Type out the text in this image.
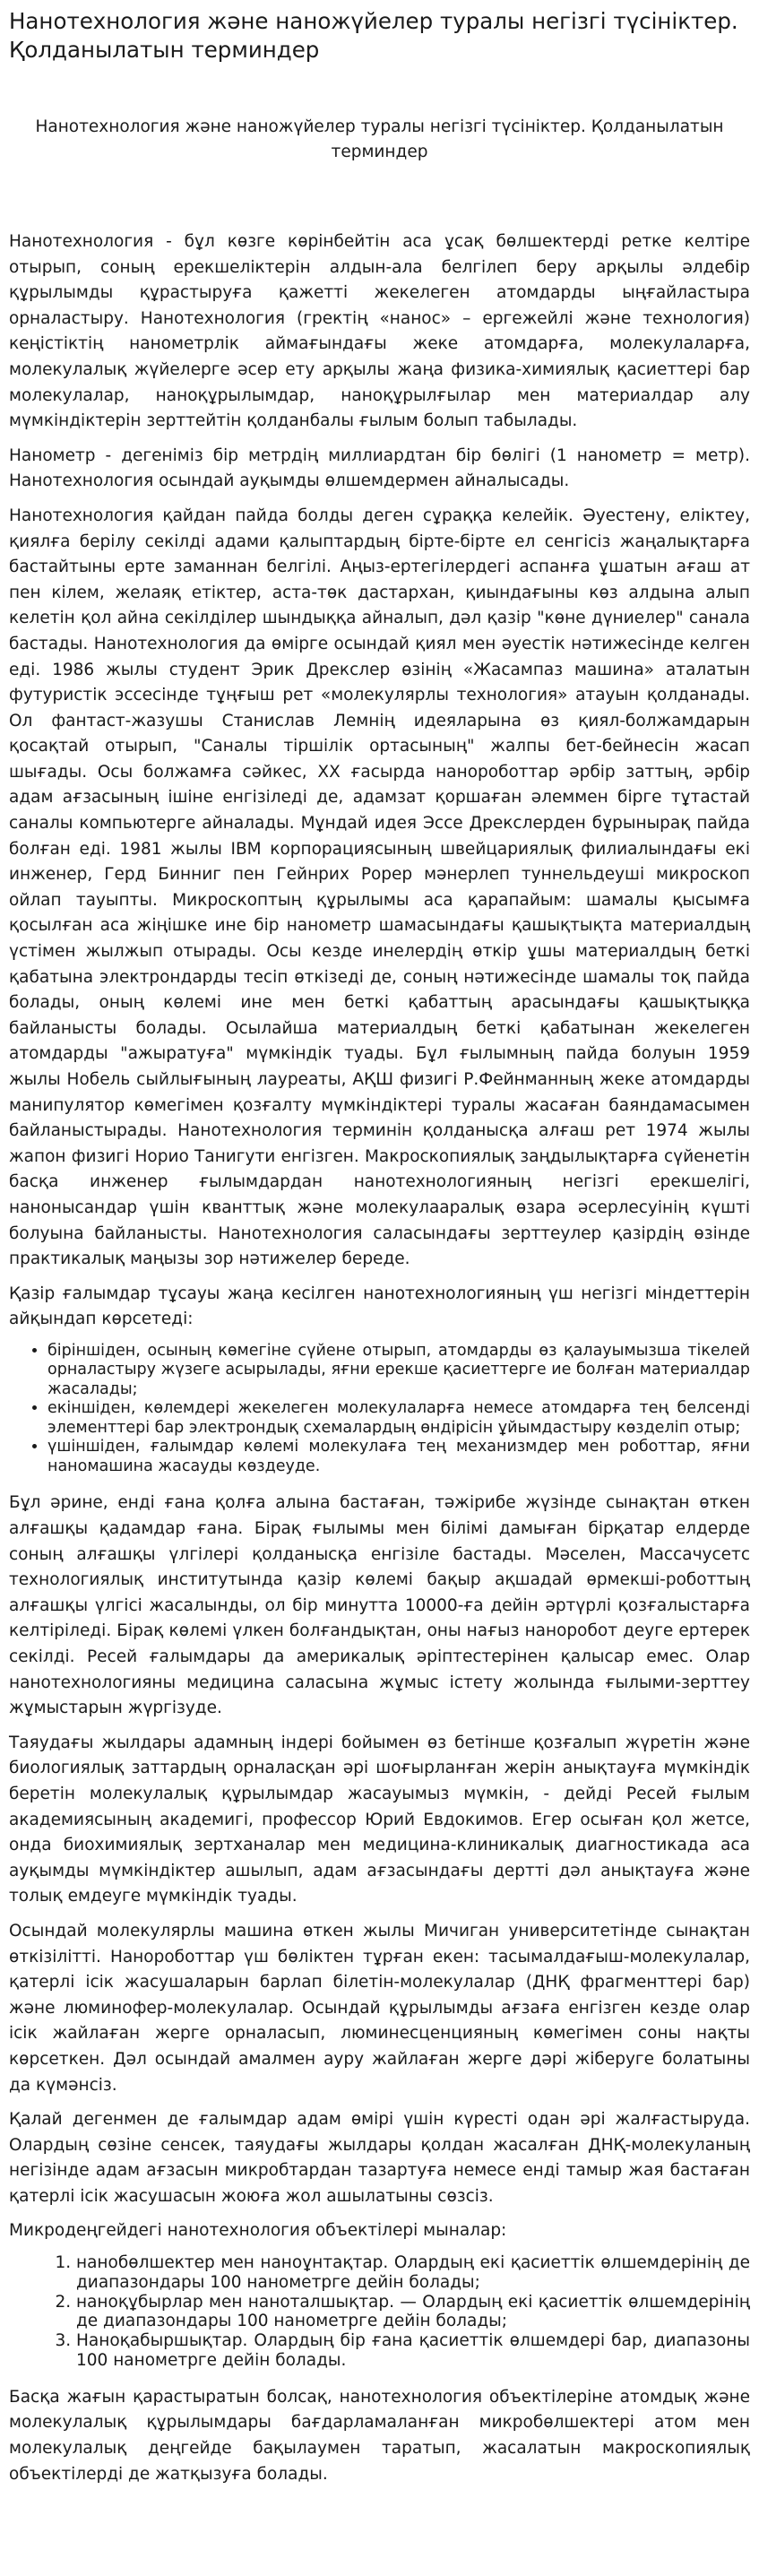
Нанотехнология және наножүйелер туралы негізгі түсініктер. Қолданылатын терминдер
Нанотехнология және наножүйелер туралы негізгі түсініктер. Қолданылатын терминдер

Нанотехнология - бұл көзге көрінбейтін аса ұсақ бөлшектерді ретке келтіре отырып, соның ерекшеліктерін алдын-ала белгілеп беру арқылы әлдебір құрылымды құрастыруға қажетті жекелеген атомдарды ыңғайластыра орналастыру. Нанотехнология (гректің «нанос» – ергежейлі және технология) кеңістіктің нанометрлік аймағындағы жеке атомдарға, молекулаларға, молекулалық жүйелерге әсер ету арқылы жаңа физика-химиялық қасиеттері бар молекулалар, наноқұрылымдар, наноқұрылғылар мен материалдар алу мүмкіндіктерін зерттейтін қолданбалы ғылым болып табылады.

Нанометр - дегеніміз бір метрдің миллиардтан бір бөлігі (1 нанометр = метр). Нанотехнология осындай ауқымды өлшемдермен айналысады.

Нанотехнология қайдан пайда болды деген сұраққа келейік. Әуестену, еліктеу, қиялға берілу секілді адами қалыптардың бірте-бірте ел сенгісіз жаңалықтарға бастайтыны ерте заманнан белгілі. Аңыз-ертегілердегі аспанға ұшатын ағаш ат пен кілем, желаяқ етіктер, аста-төк дастархан, қиындағыны көз алдына алып келетін қол айна секілділер шындыққа айналып, дәл қазір "көне дүниелер" санала бастады. Нанотехнология да өмірге осындай қиял мен әуестік нәтижесінде келген еді. 1986 жылы студент Эрик Дрекслер өзінің «Жасампаз машина» аталатын футуристік эссесінде тұңғыш рет «молекулярлы технология» атауын қолданады. Ол фантаст-жазушы Станислав Лемнің идеяларына өз қиял-болжамдарын қосақтай отырып, "Саналы тіршілік ортасының" жалпы бет-бейнесін жасап шығады. Осы болжамға сәйкес, XX ғасырда нанороботтар әрбір заттың, әрбір адам ағзасының ішіне енгізіледі де, адамзат қоршаған әлеммен бірге тұтастай саналы компьютерге айналады. Мұндай идея Эссе Дрекслерден бұрынырақ пайда болған еді. 1981 жылы IBM корпорациясының швейцариялық филиалындағы екі инженер, Герд Бинниг пен Гейнрих Рорер мәнерлеп туннельдеуші микроскоп ойлап тауыпты. Микроскоптың құрылымы аса қарапайым: шамалы қысымға қосылған аса жіңішке ине бір нанометр шамасындағы қашықтықта материалдың үстімен жылжып отырады. Осы кезде инелердің өткір ұшы материалдың беткі қабатына электрондарды тесіп өткізеді де, соның нәтижесінде шамалы тоқ пайда болады, оның көлемі ине мен беткі қабаттың арасындағы қашықтыққа байланысты болады. Осылайша материалдың беткі қабатынан жекелеген атомдарды "ажыратуға" мүмкіндік туады. Бұл ғылымның пайда болуын 1959 жылы Нобель сыйлығының лауреаты, АҚШ физигі Р.Фейнманның жеке атомдарды манипулятор көмегімен қозғалту мүмкіндіктері туралы жасаған баяндамасымен байланыстырады. Нанотехнология терминін қолданысқа алғаш рет 1974 жылы жапон физигі Норио Танигути енгізген. Макроскопиялық заңдылықтарға сүйенетін басқа инженер ғылымдардан нанотехнологияның негізгі ерекшелігі, нанонысандар үшін кванттық және молекулааралық өзара әсерлесуінің күшті болуына байланысты. Нанотехнология саласындағы зерттеулер қазірдің өзінде практикалық маңызы зор нәтижелер береде.

Қазір ғалымдар тұсауы жаңа кесілген нанотехнологияның үш негізгі міндеттерін айқындап көрсетеді:

• біріншіден, осының көмегіне сүйене отырып, атомдарды өз қалауымызша тікелей орналастыру жүзеге асырылады, яғни ерекше қасиеттерге ие болған материалдар жасалады;
• екіншіден, көлемдері жекелеген молекулаларға немесе атомдарға тең белсенді элементтері бар электрондық схемалардың өндірісін ұйымдастыру көзделіп отыр;
• үшіншіден, ғалымдар көлемі молекулаға тең механизмдер мен роботтар, яғни наномашина жасауды көздеуде.

Бұл әрине, енді ғана қолға алына бастаған, тәжірибе жүзінде сынақтан өткен алғашқы қадамдар ғана. Бірақ ғылымы мен білімі дамыған бірқатар елдерде соның алғашқы үлгілері қолданысқа енгізіле бастады. Мәселен, Массачусетс технологиялық институтында қазір көлемі бақыр ақшадай өрмекші-роботтың алғашқы үлгісі жасалынды, ол бір минутта 10000-ға дейін әртүрлі қозғалыстарға келтіріледі. Бірақ көлемі үлкен болғандықтан, оны нағыз наноробот деуге ертерек секілді. Ресей ғалымдары да америкалық әріптестерінен қалысар емес. Олар нанотехнологияны медицина саласына жұмыс істету жолында ғылыми-зерттеу жұмыстарын жүргізуде.

Таяудағы жылдары адамның індері бойымен өз бетінше қозғалып жүретін және биологиялық заттардың орналасқан әрі шоғырланған жерін анықтауға мүмкіндік беретін молекулалық құрылымдар жасауымыз мүмкін, - дейді Ресей ғылым академиясының академигі, профессор Юрий Евдокимов. Егер осыған қол жетсе, онда биохимиялық зертханалар мен медицина-клиникалық диагностикада аса ауқымды мүмкіндіктер ашылып, адам ағзасындағы дертті дәл анықтауға және толық емдеуге мүмкіндік туады.

Осындай молекулярлы машина өткен жылы Мичиган университетінде сынақтан өткізілітті. Нанороботтар үш бөліктен тұрған екен: тасымалдағыш-молекулалар, қатерлі ісік жасушаларын барлап білетін-молекулалар (ДНҚ фрагменттері бар) және люминофер-молекулалар. Осындай құрылымды ағзаға енгізген кезде олар ісік жайлаған жерге орналасып, люминесценцияның көмегімен соны нақты көрсеткен. Дәл осындай амалмен ауру жайлаған жерге дәрі жіберуге болатыны да күмәнсіз.

Қалай дегенмен де ғалымдар адам өмірі үшін күресті одан әрі жалғастыруда. Олардың сөзіне сенсек, таяудағы жылдары қолдан жасалған ДНҚ-молекуланың негізінде адам ағзасын микробтардан тазартуға немесе енді тамыр жая бастаған қатерлі ісік жасушасын жоюға жол ашылатыны сөзсіз.

Микродеңгейдегі нанотехнология объектілері мыналар:

1. нанобөлшектер мен наноұнтақтар. Олардың екі қасиеттік өлшемдерінің де диапазондары 100 нанометрге дейін болады;
2. наноқұбырлар мен наноталшықтар. — Олардың екі қасиеттік өлшемдерінің де диапазондары 100 нанометрге дейін болады;
3. Наноқабыршықтар. Олардың бір ғана қасиеттік өлшемдері бар, диапазоны 100 нанометрге дейін болады.

Басқа жағын қарастыратын болсақ, нанотехнология объектілеріне атомдық және молекулалық құрылымдары бағдарламаланған микробөлшектері атом мен молекулалық деңгейде бақылаумен таратып, жасалатын макроскопиялық объектілерді де жатқызуға болады.
